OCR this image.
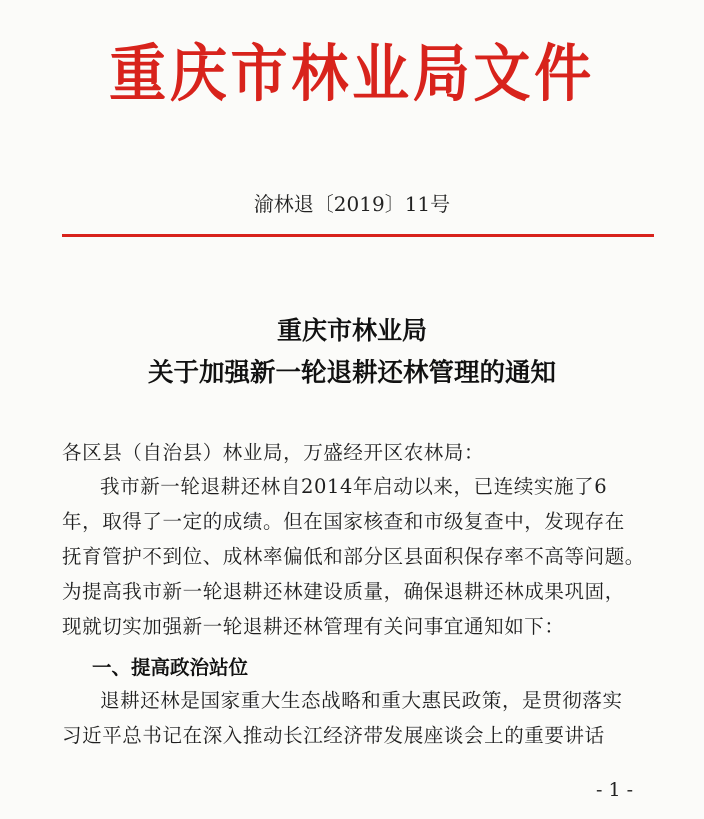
重庆市林业局文件
渝林退〔2019〕11号
重庆市林业局
关于加强新一轮退耕还林管理的通知
各区县（自治县）林业局，万盛经开区农林局：
我市新一轮退耕还林自2014年启动以来，已连续实施了6
年，取得了一定的成绩。但在国家核查和市级复查中，发现存在
抚育管护不到位、成林率偏低和部分区县面积保存率不高等问题。
为提高我市新一轮退耕还林建设质量，确保退耕还林成果巩固，
现就切实加强新一轮退耕还林管理有关问事宜通知如下：
一、提高政治站位
退耕还林是国家重大生态战略和重大惠民政策，是贯彻落实
习近平总书记在深入推动长江经济带发展座谈会上的重要讲话
- 1 -
